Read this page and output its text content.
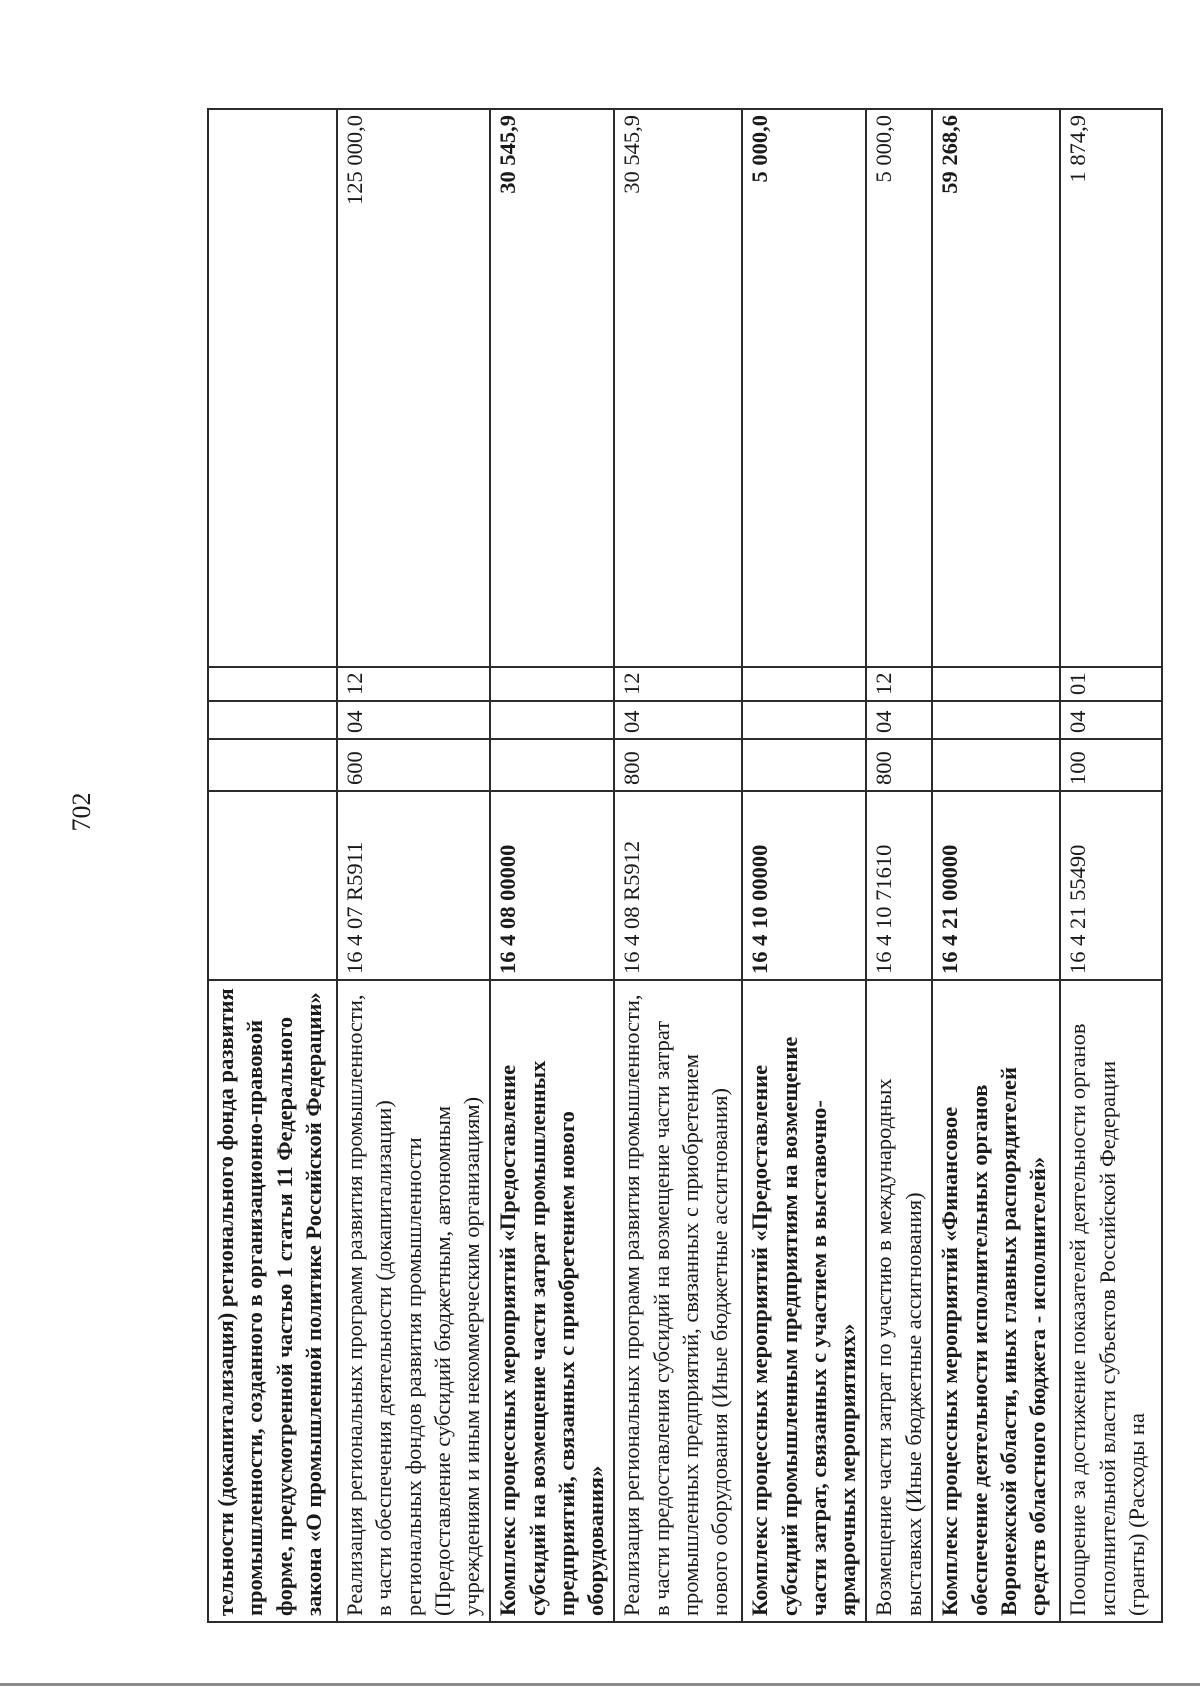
702
тельности (докапитализация) регионального фонда развития промышленности, созданного в организационно-правовой форме, предусмотренной частью 1 статьи 11 Федерального закона «О промышленной политике Российской Федерации»					
Реализация региональных программ развития промышленности, в части обеспечения деятельности (докапитализации) региональных фондов развития промышленности (Предоставление субсидий бюджетным, автономным учреждениям и иным некоммерческим организациям)	16 4 07 R5911	600	04	12	125 000,0
Комплекс процессных мероприятий «Предоставление субсидий на возмещение части затрат промышленных предприятий, связанных с приобретением нового оборудования»	16 4 08 00000				30 545,9
Реализация региональных программ развития промышленности, в части предоставления субсидий на возмещение части затрат промышленных предприятий, связанных с приобретением нового оборудования (Иные бюджетные ассигнования)	16 4 08 R5912	800	04	12	30 545,9
Комплекс процессных мероприятий «Предоставление субсидий промышленным предприятиям на возмещение части затрат, связанных с участием в выставочно-ярмарочных мероприятиях»	16 4 10 00000				5 000,0
Возмещение части затрат по участию в международных выставках (Иные бюджетные ассигнования)	16 4 10 71610	800	04	12	5 000,0
Комплекс процессных мероприятий «Финансовое обеспечение деятельности исполнительных органов Воронежской области, иных главных распорядителей средств областного бюджета - исполнителей»	16 4 21 00000				59 268,6
Поощрение за достижение показателей деятельности органов исполнительной власти субъектов Российской Федерации (гранты) (Расходы на	16 4 21 55490	100	04	01	1 874,9
